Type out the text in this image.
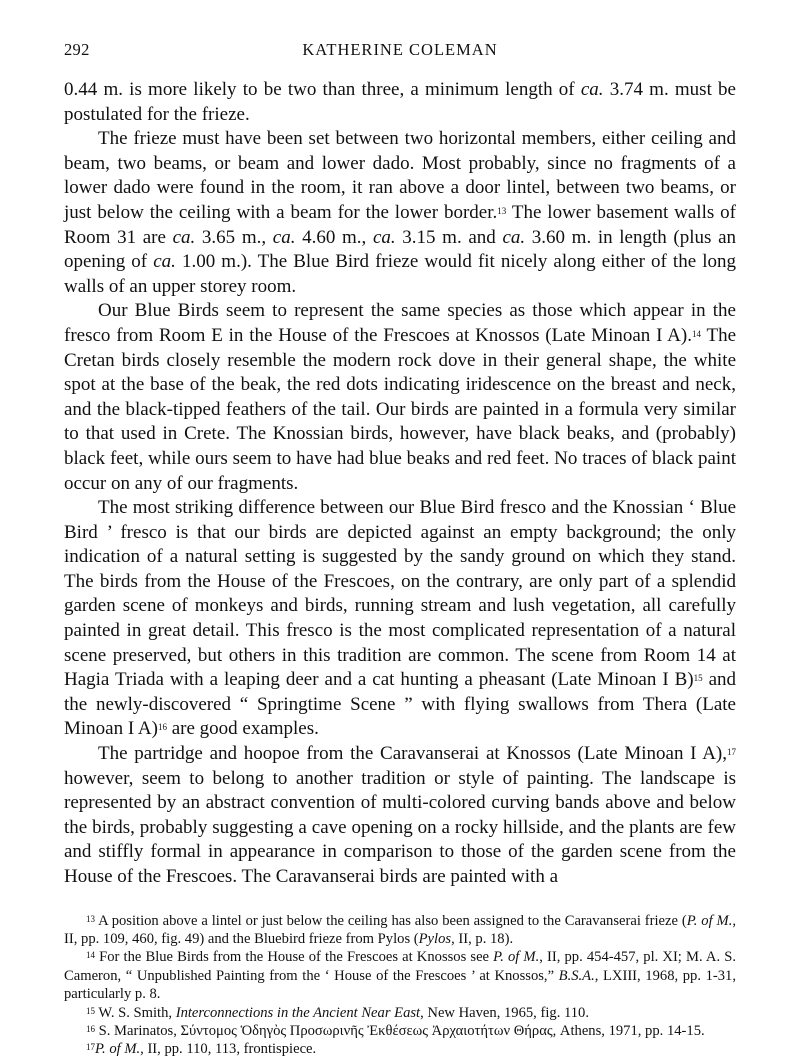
292	KATHERINE COLEMAN

0.44 m. is more likely to be two than three, a minimum length of ca. 3.74 m. must be postulated for the frieze.

The frieze must have been set between two horizontal members, either ceiling and beam, two beams, or beam and lower dado. Most probably, since no fragments of a lower dado were found in the room, it ran above a door lintel, between two beams, or just below the ceiling with a beam for the lower border.$^{13}$ The lower basement walls of Room 31 are ca. 3.65 m., ca. 4.60 m., ca. 3.15 m. and ca. 3.60 m. in length (plus an opening of ca. 1.00 m.). The Blue Bird frieze would fit nicely along either of the long walls of an upper storey room.

Our Blue Birds seem to represent the same species as those which appear in the fresco from Room E in the House of the Frescoes at Knossos (Late Minoan I A).$^{14}$ The Cretan birds closely resemble the modern rock dove in their general shape, the white spot at the base of the beak, the red dots indicating iridescence on the breast and neck, and the black-tipped feathers of the tail. Our birds are painted in a formula very similar to that used in Crete. The Knossian birds, however, have black beaks, and (probably) black feet, while ours seem to have had blue beaks and red feet. No traces of black paint occur on any of our fragments.

The most striking difference between our Blue Bird fresco and the Knossian ‘ Blue Bird ’ fresco is that our birds are depicted against an empty background; the only indication of a natural setting is suggested by the sandy ground on which they stand. The birds from the House of the Frescoes, on the contrary, are only part of a splendid garden scene of monkeys and birds, running stream and lush vegetation, all carefully painted in great detail. This fresco is the most complicated representation of a natural scene preserved, but others in this tradition are common. The scene from Room 14 at Hagia Triada with a leaping deer and a cat hunting a pheasant (Late Minoan I B)$^{15}$ and the newly-discovered “ Springtime Scene ” with flying swallows from Thera (Late Minoan I A)$^{16}$ are good examples.

The partridge and hoopoe from the Caravanserai at Knossos (Late Minoan I A),$^{17}$ however, seem to belong to another tradition or style of painting. The landscape is represented by an abstract convention of multi-colored curving bands above and below the birds, probably suggesting a cave opening on a rocky hillside, and the plants are few and stiffly formal in appearance in comparison to those of the garden scene from the House of the Frescoes. The Caravanserai birds are painted with a

$^{13}$ A position above a lintel or just below the ceiling has also been assigned to the Caravanserai frieze (P. of M., II, pp. 109, 460, fig. 49) and the Bluebird frieze from Pylos (Pylos, II, p. 18).

$^{14}$ For the Blue Birds from the House of the Frescoes at Knossos see P. of M., II, pp. 454-457, pl. XI; M. A. S. Cameron, “ Unpublished Painting from the ‘ House of the Frescoes ’ at Knossos,” B.S.A., LXIII, 1968, pp. 1-31, particularly p. 8.

$^{15}$ W. S. Smith, Interconnections in the Ancient Near East, New Haven, 1965, fig. 110.

$^{16}$ S. Marinatos, Σύντομος Ὁδηγὸς Προσωρινῆς Ἐκθέσεως Ἀρχαιοτήτων Θήρας, Athens, 1971, pp. 14-15.

$^{17}$P. of M., II, pp. 110, 113, frontispiece.
